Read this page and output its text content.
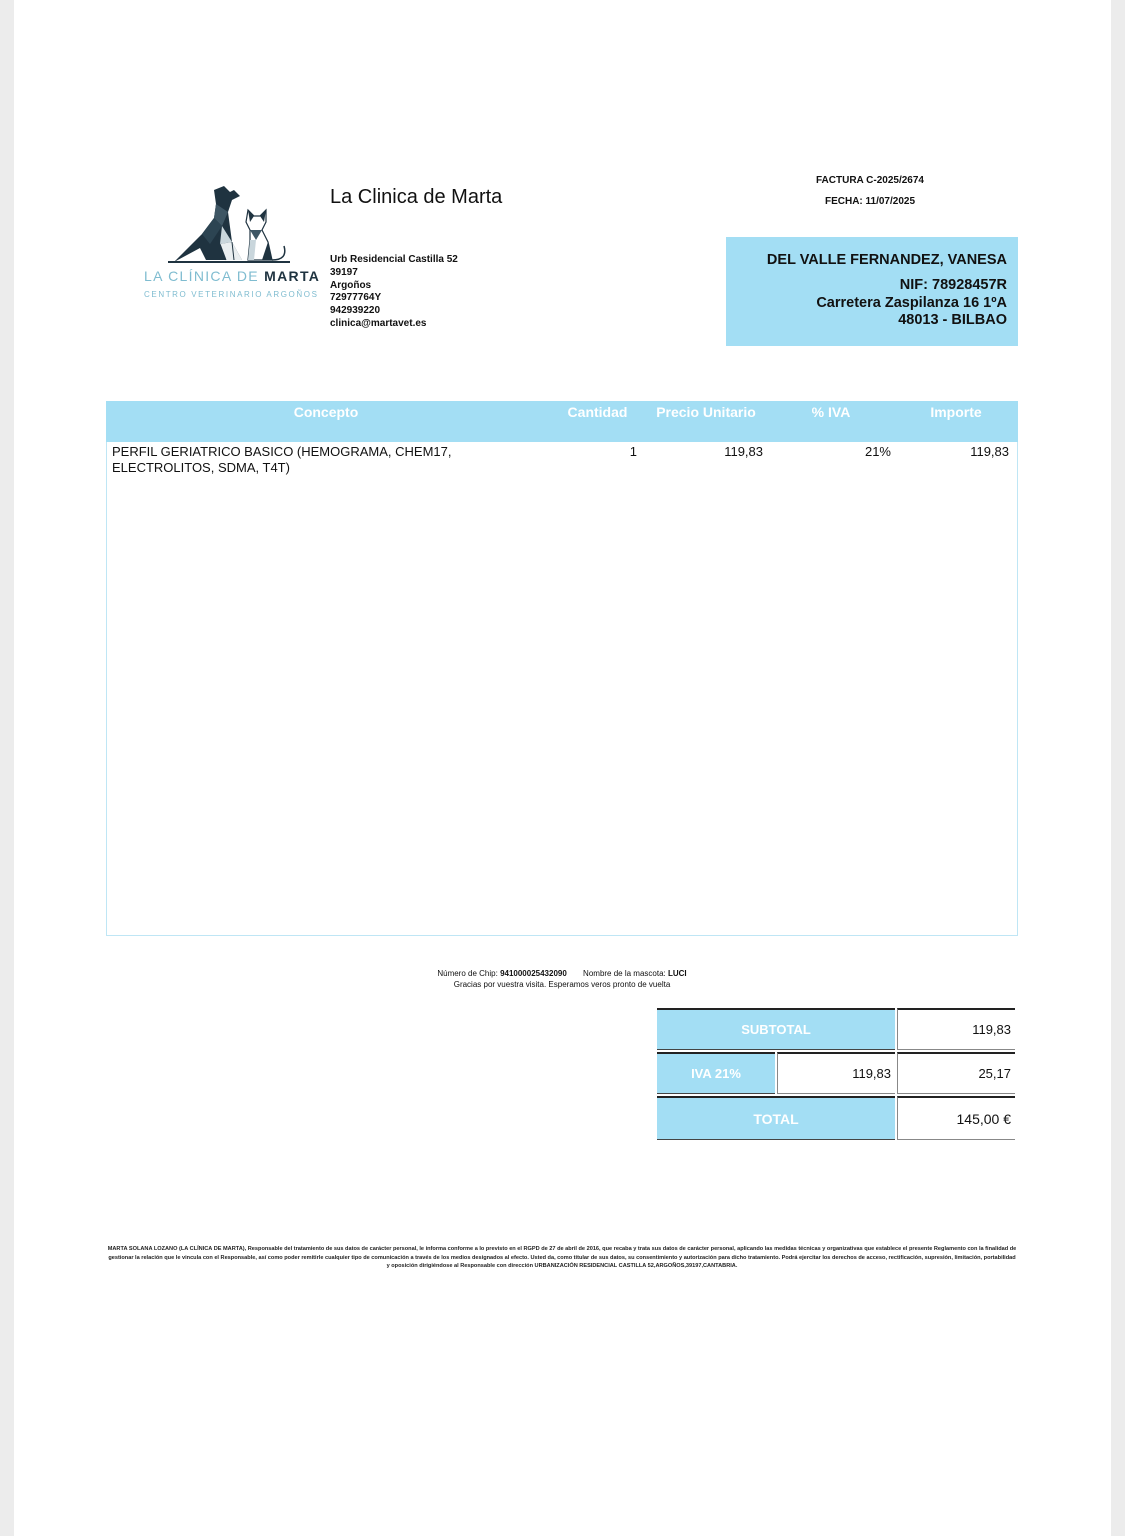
LA CLÍNICA DE MARTA
CENTRO VETERINARIO ARGOÑOS
La Clinica de Marta
Urb Residencial Castilla 52
39197
Argoños
72977764Y
942939220
clinica@martavet.es
FACTURA C-2025/2674
FECHA: 11/07/2025
DEL VALLE FERNANDEZ, VANESA
NIF: 78928457R
Carretera Zaspilanza 16 1ºA
48013 - BILBAO
Concepto	Cantidad	Precio Unitario	% IVA	Importe
PERFIL GERIATRICO BASICO (HEMOGRAMA, CHEM17,
ELECTROLITOS, SDMA, T4T)
1	119,83	21%	119,83
Número de Chip: 941000025432090 Nombre de la mascota: LUCI
Gracias por vuestra visita. Esperamos veros pronto de vuelta
SUBTOTAL	119,83
IVA 21%	119,83	25,17
TOTAL	145,00 €
MARTA SOLANA LOZANO (LA CLÍNICA DE MARTA), Responsable del tratamiento de sus datos de carácter personal, le informa conforme a lo previsto en el RGPD de 27 de abril de 2016, que recaba y trata sus datos de carácter personal, aplicando las medidas técnicas y organizativas que establece el presente Reglamento con la finalidad de gestionar la relación que le vincula con el Responsable, así como poder remitirle cualquier tipo de comunicación a través de los medios designados al efecto. Usted da, como titular de sus datos, su consentimiento y autorización para dicho tratamiento. Podrá ejercitar los derechos de acceso, rectificación, supresión, limitación, portabilidad y oposición dirigiéndose al Responsable con dirección URBANIZACIÓN RESIDENCIAL CASTILLA 52,ARGOÑOS,39197,CANTABRIA.
